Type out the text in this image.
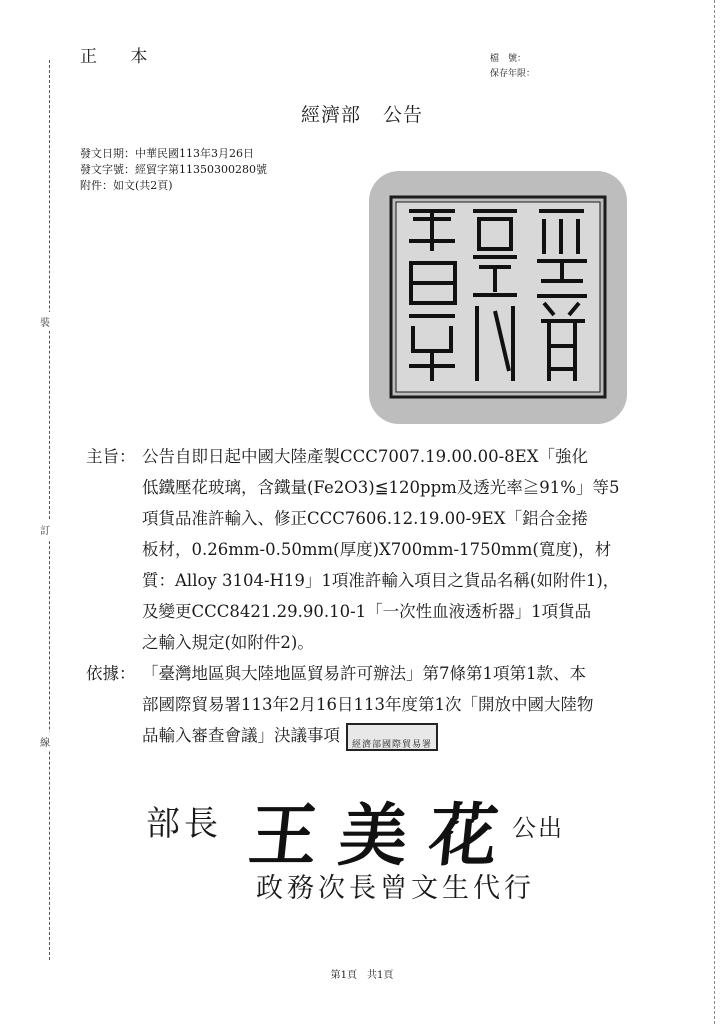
裝
訂
線
正 本	檔　號：
保存年限：
經濟部 公告
發文日期： 中華民國113年3月26日
發文字號： 經貿字第11350300280號
附件： 如文(共2頁)
主旨： 公告自即日起中國大陸產製CCC7007.19.00.00-8EX「強化
低鐵壓花玻璃，含鐵量(Fe2O3)≦120ppm及透光率≧91%」等5
項貨品准許輸入、修正CCC7606.12.19.00-9EX「鋁合金捲
板材，0.26mm-0.50mm(厚度)X700mm-1750mm(寬度)，材
質：Alloy 3104-H19」1項准許輸入項目之貨品名稱(如附件1)，
及變更CCC8421.29.90.10-1「一次性血液透析器」1項貨品
之輸入規定(如附件2)。
依據： 「臺灣地區與大陸地區貿易許可辦法」第7條第1項第1款、本
部國際貿易署113年2月16日113年度第1次「開放中國大陸物
品輸入審查會議」決議事項 經濟部國際貿易署
部長 王美花
公出
政務次長曾文生代行
第1頁　共1頁
